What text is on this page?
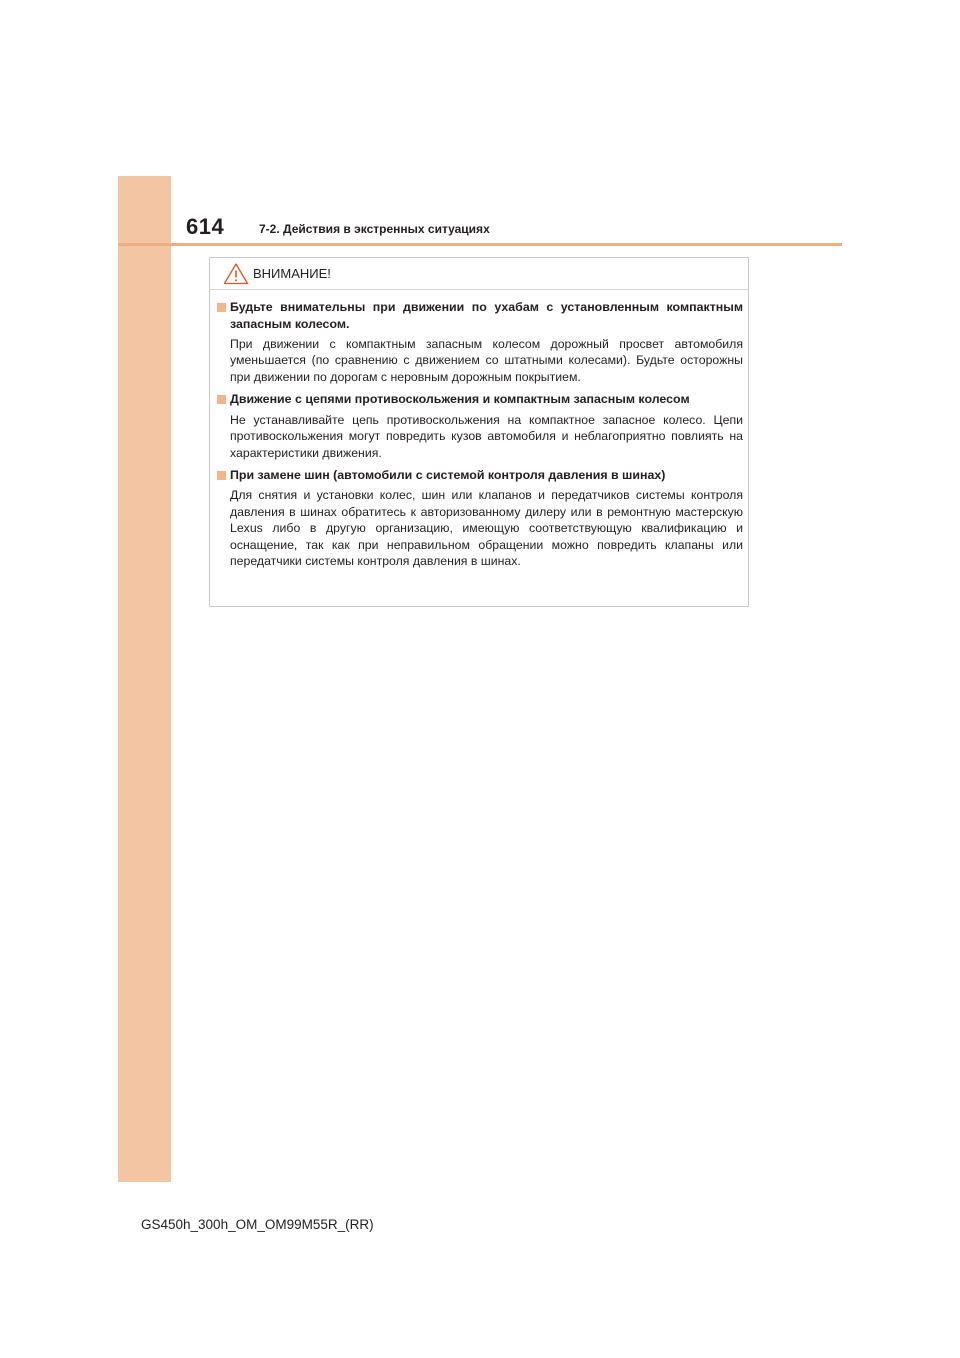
614	7-2. Действия в экстренных ситуациях
ВНИМАНИЕ!
Будьте внимательны при движении по ухабам с установленным компактным запасным колесом.
При движении с компактным запасным колесом дорожный просвет автомобиля уменьшается (по сравнению с движением со штатными колесами). Будьте осторожны при движении по дорогам с неровным дорожным покрытием.
Движение с цепями противоскольжения и компактным запасным колесом
Не устанавливайте цепь противоскольжения на компактное запасное колесо. Цепи противоскольжения могут повредить кузов автомобиля и неблагоприятно повлиять на характеристики движения.
При замене шин (автомобили с системой контроля давления в шинах)
Для снятия и установки колес, шин или клапанов и передатчиков системы контроля давления в шинах обратитесь к авторизованному дилеру или в ремонтную мастерскую Lexus либо в другую организацию, имеющую соответствующую квалификацию и оснащение, так как при неправильном обращении можно повредить клапаны или передатчики системы контроля давления в шинах.
GS450h_300h_OM_OM99M55R_(RR)
